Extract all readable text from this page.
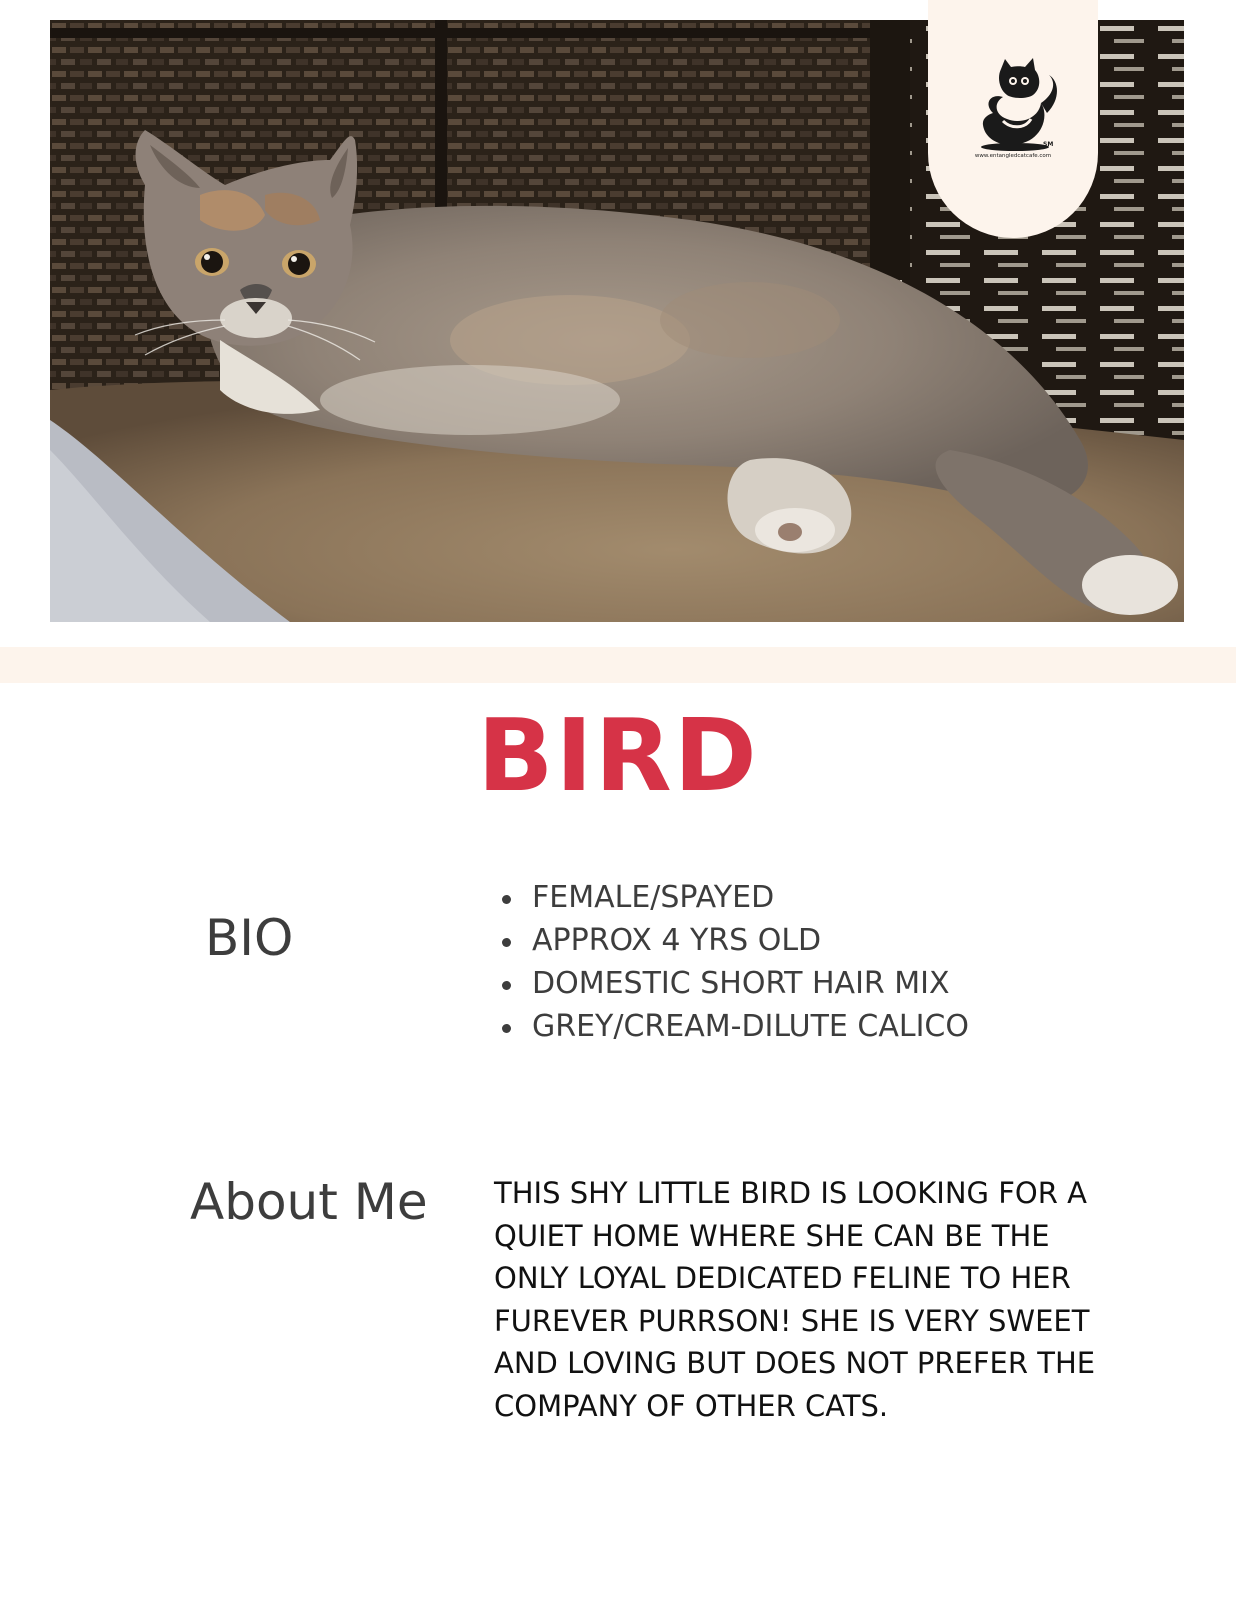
SM
www.entangledcatcafe.com
BIRD
BIO
FEMALE/SPAYED
APPROX 4 YRS OLD
DOMESTIC SHORT HAIR MIX
GREY/CREAM-DILUTE CALICO
About Me THIS SHY LITTLE BIRD IS LOOKING FOR A QUIET HOME WHERE SHE CAN BE THE ONLY LOYAL DEDICATED FELINE TO HER FUREVER PURRSON! SHE IS VERY SWEET AND LOVING BUT DOES NOT PREFER THE COMPANY OF OTHER CATS.
